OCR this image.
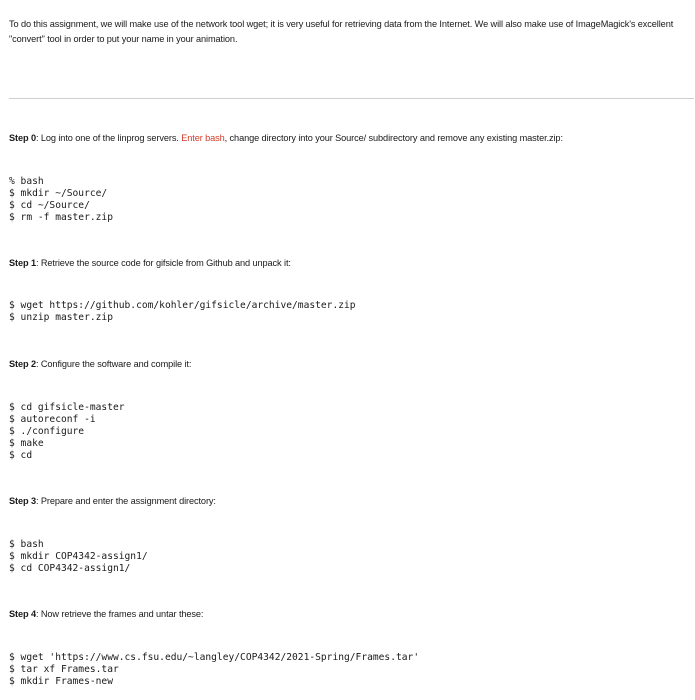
To do this assignment, we will make use of the network tool wget; it is very useful for retrieving data from the Internet. We will also make use of ImageMagick's excellent "convert" tool in order to put your name in your animation.
Step 0: Log into one of the linprog servers. Enter bash, change directory into your Source/ subdirectory and remove any existing master.zip:
% bash
$ mkdir ~/Source/
$ cd ~/Source/
$ rm -f master.zip
Step 1: Retrieve the source code for gifsicle from Github and unpack it:
$ wget https://github.com/kohler/gifsicle/archive/master.zip
$ unzip master.zip
Step 2: Configure the software and compile it:
$ cd gifsicle-master
$ autoreconf -i
$ ./configure
$ make
$ cd
Step 3: Prepare and enter the assignment directory:
$ bash
$ mkdir COP4342-assign1/
$ cd COP4342-assign1/
Step 4: Now retrieve the frames and untar these:
$ wget 'https://www.cs.fsu.edu/~langley/COP4342/2021-Spring/Frames.tar'
$ tar xf Frames.tar
$ mkdir Frames-new
